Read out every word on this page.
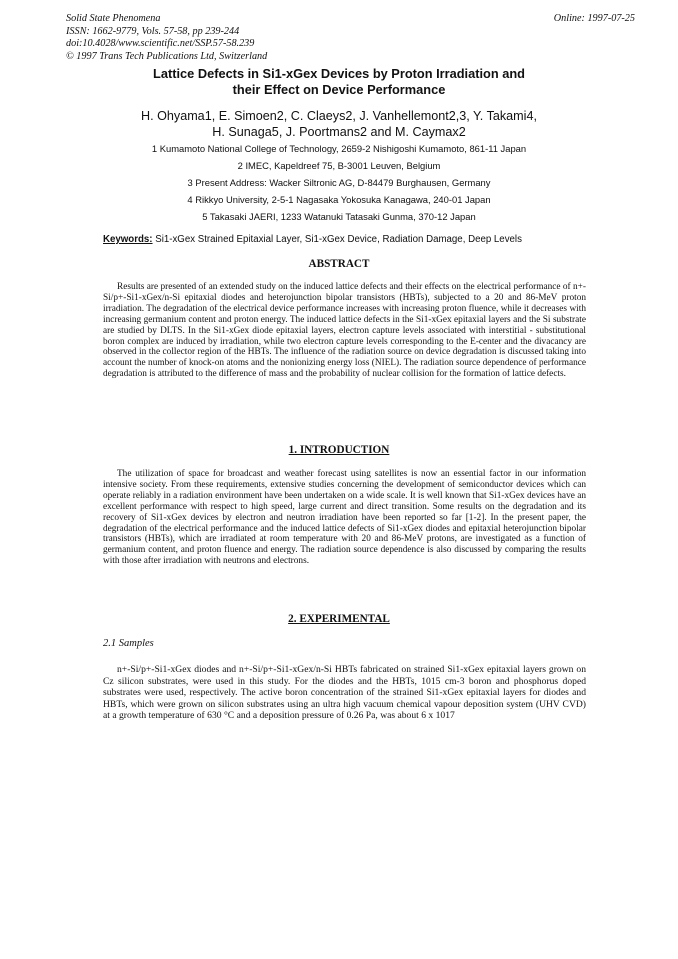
Solid State Phenomena
ISSN: 1662-9779, Vols. 57-58, pp 239-244
doi:10.4028/www.scientific.net/SSP.57-58.239
© 1997 Trans Tech Publications Ltd, Switzerland
Online: 1997-07-25
Lattice Defects in Si1-xGex Devices by Proton Irradiation and
their Effect on Device Performance
H. Ohyama1, E. Simoen2, C. Claeys2, J. Vanhellemont2,3, Y. Takami4,
H. Sunaga5, J. Poortmans2 and M. Caymax2
1 Kumamoto National College of Technology, 2659-2 Nishigoshi Kumamoto, 861-11 Japan
2 IMEC, Kapeldreef 75, B-3001 Leuven, Belgium
3 Present Address: Wacker Siltronic AG, D-84479 Burghausen, Germany
4 Rikkyo University, 2-5-1 Nagasaka Yokosuka Kanagawa, 240-01 Japan
5 Takasaki JAERI, 1233 Watanuki Tatasaki Gunma, 370-12 Japan
Keywords: Si1-xGex Strained Epitaxial Layer, Si1-xGex Device, Radiation Damage, Deep Levels
ABSTRACT
Results are presented of an extended study on the induced lattice defects and their effects on the electrical performance of n+-Si/p+-Si1-xGex/n-Si epitaxial diodes and heterojunction bipolar transistors (HBTs), subjected to a 20 and 86-MeV proton irradiation. The degradation of the electrical device performance increases with increasing proton fluence, while it decreases with increasing germanium content and proton energy. The induced lattice defects in the Si1-xGex epitaxial layers and the Si substrate are studied by DLTS. In the Si1-xGex diode epitaxial layers, electron capture levels associated with interstitial - substitutional boron complex are induced by irradiation, while two electron capture levels corresponding to the E-center and the divacancy are observed in the collector region of the HBTs. The influence of the radiation source on device degradation is discussed taking into account the number of knock-on atoms and the nonionizing energy loss (NIEL). The radiation source dependence of performance degradation is attributed to the difference of mass and the probability of nuclear collision for the formation of lattice defects.
1. INTRODUCTION
The utilization of space for broadcast and weather forecast using satellites is now an essential factor in our information intensive society. From these requirements, extensive studies concerning the development of semiconductor devices which can operate reliably in a radiation environment have been undertaken on a wide scale. It is well known that Si1-xGex devices have an excellent performance with respect to high speed, large current and direct transition. Some results on the degradation and its recovery of Si1-xGex devices by electron and neutron irradiation have been reported so far [1-2]. In the present paper, the degradation of the electrical performance and the induced lattice defects of Si1-xGex diodes and epitaxial heterojunction bipolar transistors (HBTs), which are irradiated at room temperature with 20 and 86-MeV protons, are investigated as a function of germanium content, and proton fluence and energy. The radiation source dependence is also discussed by comparing the results with those after irradiation with neutrons and electrons.
2. EXPERIMENTAL
2.1 Samples
n+-Si/p+-Si1-xGex diodes and n+-Si/p+-Si1-xGex/n-Si HBTs fabricated on strained Si1-xGex epitaxial layers grown on Cz silicon substrates, were used in this study. For the diodes and the HBTs, 1015 cm-3 boron and phosphorus doped substrates were used, respectively. The active boron concentration of the strained Si1-xGex epitaxial layers for diodes and HBTs, which were grown on silicon substrates using an ultra high vacuum chemical vapour deposition system (UHV CVD) at a growth temperature of 630 °C and a deposition pressure of 0.26 Pa, was about 6 x 1017
